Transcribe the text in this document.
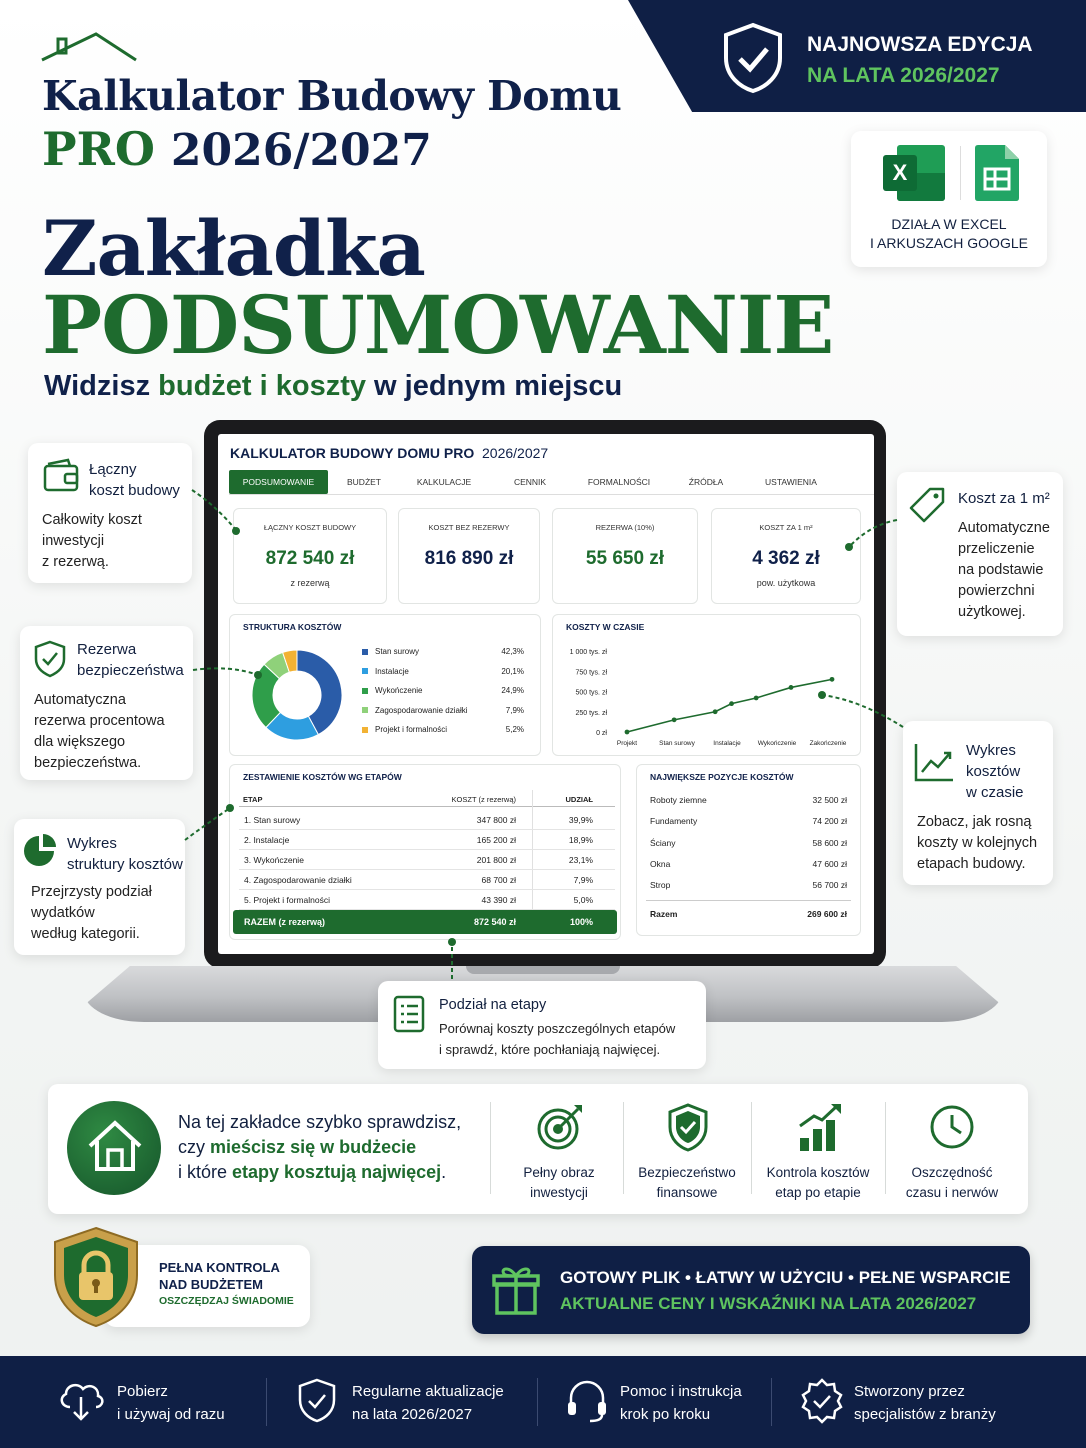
Kalkulator Budowy Domu
PRO 2026/2027
Zakładka
PODSUMOWANIE
Widzisz budżet i koszty w jednym miejscu
NAJNOWSZA EDYCJA
NA LATA 2026/2027
X
DZIAŁA W EXCEL
I ARKUSZACH GOOGLE
KALKULATOR BUDOWY DOMU PRO 2026/2027
PODSUMOWANIE	BUDŻET	KALKULACJE	CENNIK	FORMALNOŚCI	ŹRÓDŁA	USTAWIENIA
ŁĄCZNY KOSZT BUDOWY
872 540 zł
z rezerwą
KOSZT BEZ REZERWY
816 890 zł
REZERWA (10%)
55 650 zł
KOSZT ZA 1 m²
4 362 zł
pow. użytkowa
STRUKTURA KOSZTÓW
Stan surowy	42,3%
Instalacje	20,1%
Wykończenie	24,9%
Zagospodarowanie działki	7,9%
Projekt i formalności	5,2%
KOSZTY W CZASIE
1 000 tys. zł
750 tys. zł
500 tys. zł
250 tys. zł
0 zł
Projekt	Stan surowy	Instalacje	Wykończenie Zakończenie
ZESTAWIENIE KOSZTÓW WG ETAPÓW
ETAP	KOSZT (z rezerwą)	UDZIAŁ
1. Stan surowy	347 800 zł	39,9%
2. Instalacje	165 200 zł	18,9%
3. Wykończenie	201 800 zł	23,1%
4. Zagospodarowanie działki	68 700 zł	7,9%
5. Projekt i formalności	43 390 zł	5,0%
RAZEM (z rezerwą)	872 540 zł	100%
NAJWIĘKSZE POZYCJE KOSZTÓW
Roboty ziemne	32 500 zł
Fundamenty	74 200 zł
Ściany	58 600 zł
Okna	47 600 zł
Strop	56 700 zł
Razem	269 600 zł
Łączny
koszt budowy
Całkowity koszt
inwestycji
z rezerwą.
Rezerwa
bezpieczeństwa
Automatyczna
rezerwa procentowa
dla większego
bezpieczeństwa.
Wykres
struktury kosztów
Przejrzysty podział
wydatków
według kategorii.
Koszt za 1 m²
Automatyczne
przeliczenie
na podstawie
powierzchni
użytkowej.
Wykres
kosztów
w czasie
Zobacz, jak rosną
koszty w kolejnych
etapach budowy.
Podział na etapy
Porównaj koszty poszczególnych etapów
i sprawdź, które pochłaniają najwięcej.
Na tej zakładce szybko sprawdzisz,
czy mieścisz się w budżecie
i które etapy kosztują najwięcej.	Pełny obraz
inwestycji
Bezpieczeństwo
finansowe
Kontrola kosztów
etap po etapie
Oszczędność
czasu i nerwów
PEŁNA KONTROLA
NAD BUDŻETEM
OSZCZĘDZAJ ŚWIADOMIE
GOTOWY PLIK • ŁATWY W UŻYCIU • PEŁNE WSPARCIE
AKTUALNE CENY I WSKAŹNIKI NA LATA 2026/2027
Pobierz
i używaj od razu
Regularne aktualizacje
na lata 2026/2027
Pomoc i instrukcja
krok po kroku
Stworzony przez
specjalistów z branży
